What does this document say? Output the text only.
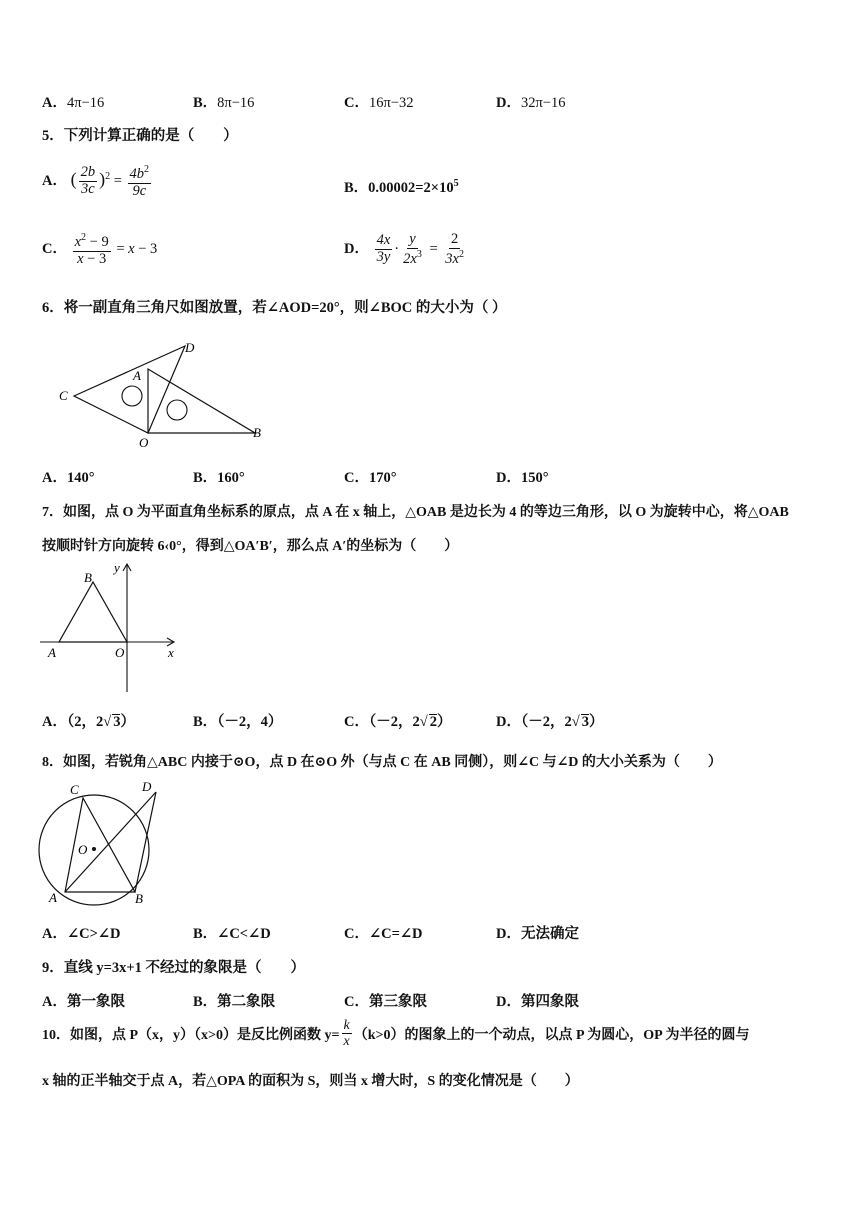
A．4π−16	B．8π−16	C．16π−32	D．32π−16
5．下列计算正确的是（　　）
A． ( $\frac{2b}{3c} )^2 = \frac{4b^2}{9c}$	B．$0.00002=2\times 10^5$
C． $\frac{x^2 - 9}{x - 3} = x - 3$	D． $\frac{4x}{3y} \cdot \frac{y}{2x^3} = \frac{2}{3x^2}$
6．将一副直角三角尺如图放置，若∠AOD=20°，则∠BOC 的大小为（ ）
D
A
C
O
B
A．140°	B．160°	C．170°	D．150°
7．如图，点 O 为平面直角坐标系的原点，点 A 在 x 轴上，△OAB 是边长为 4 的等边三角形，以 O 为旋转中心，将△OAB
按顺时针方向旋转 6‹0°，得到△OA′B′，那么点 A′的坐标为（　　）
B
y
A	O	x
A．（2，2√ 3）	B．（－2，4）	C．（－2，2√ 2）	D．（－2，2√ 3）
8．如图，若锐角△ABC 内接于⊙O，点 D 在⊙O 外（与点 C 在 AB 同侧），则∠C 与∠D 的大小关系为（　　）
C	D
O
A	B
A．∠C>∠D	B．∠C<∠D	C．∠C=∠D	D．无法确定
9．直线 y=3x+1 不经过的象限是（　　）
A．第一象限	B．第二象限	C．第三象限	D．第四象限
10．如图，点 P（x，y）（x>0）是反比例函数 $y= \frac{k}{x} (k>0)$的图象上的一个动点，以点 P 为圆心，OP 为半径的圆与
x 轴的正半轴交于点 A，若△OPA 的面积为 S，则当 x 增大时，S 的变化情况是（　　）
